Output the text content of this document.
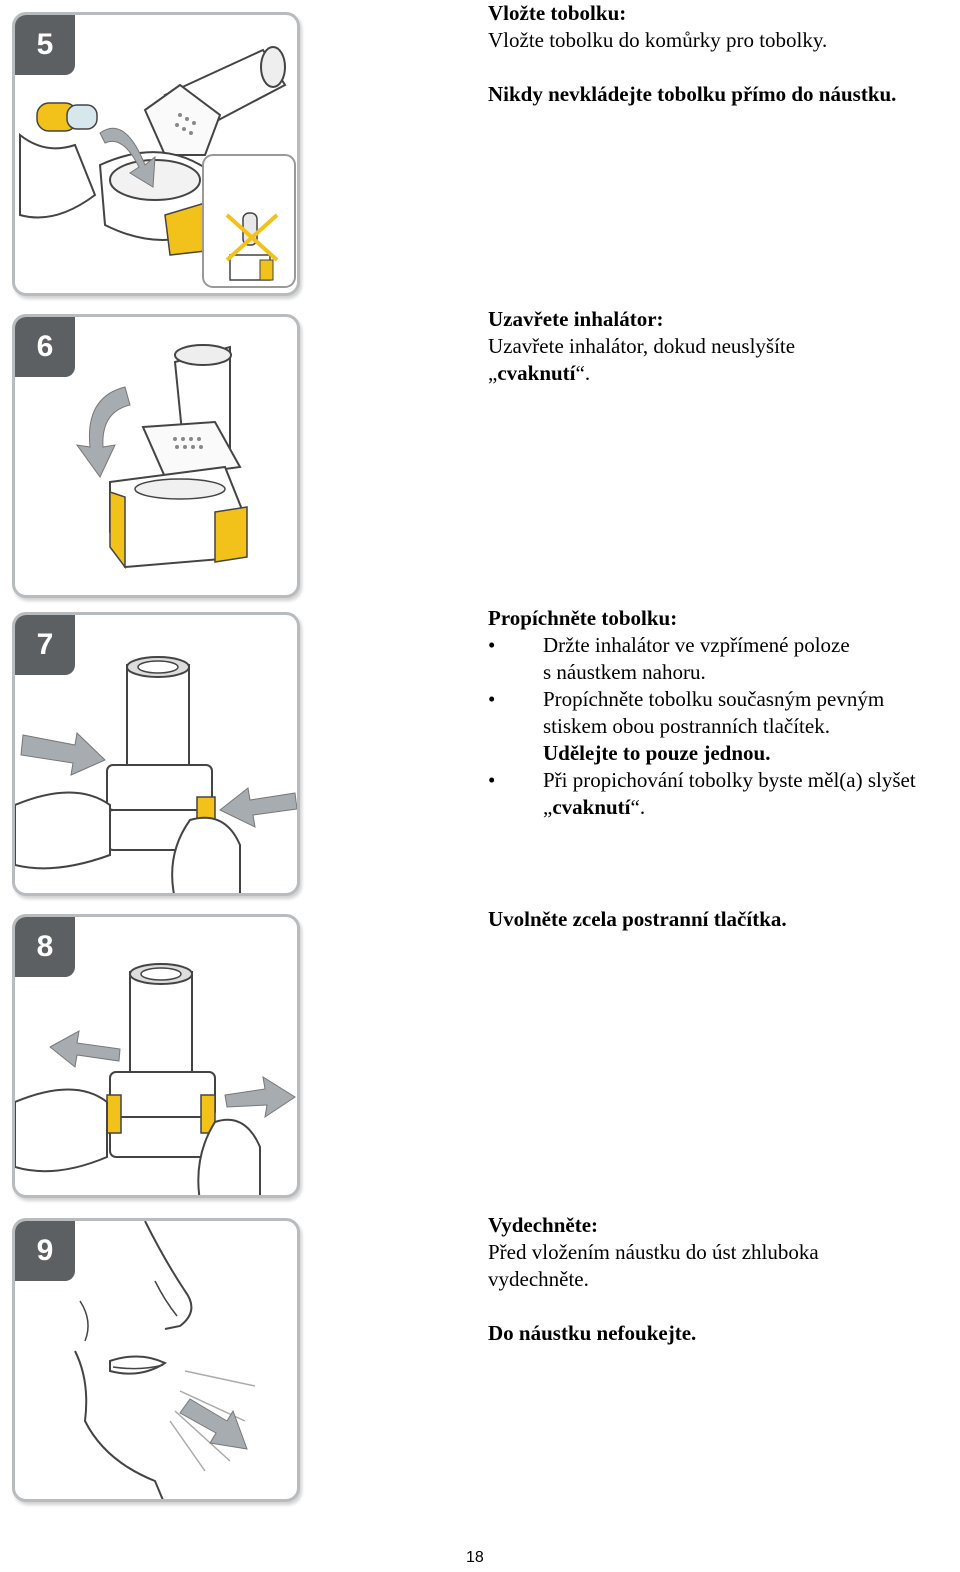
5

Vložte tobolku:

Vložte tobolku do komůrky pro tobolky.

Nikdy nevkládejte tobolku přímo do náustku.

6

Uzavřete inhalátor:

Uzavřete inhalátor, dokud neuslyšíte

„cvaknutí“.

7

Propíchněte tobolku:

• Držte inhalátor ve vzpřímené poloze
s náustkem nahoru.
• Propíchněte tobolku současným pevným
stiskem obou postranních tlačítek.
Udělejte to pouze jednou.
• Při propichování tobolky byste měl(a) slyšet
„cvaknutí“.
8

Uvolněte zcela postranní tlačítka.

9

Vydechněte:

Před vložením náustku do úst zhluboka

vydechněte.

Do náustku nefoukejte.

18
